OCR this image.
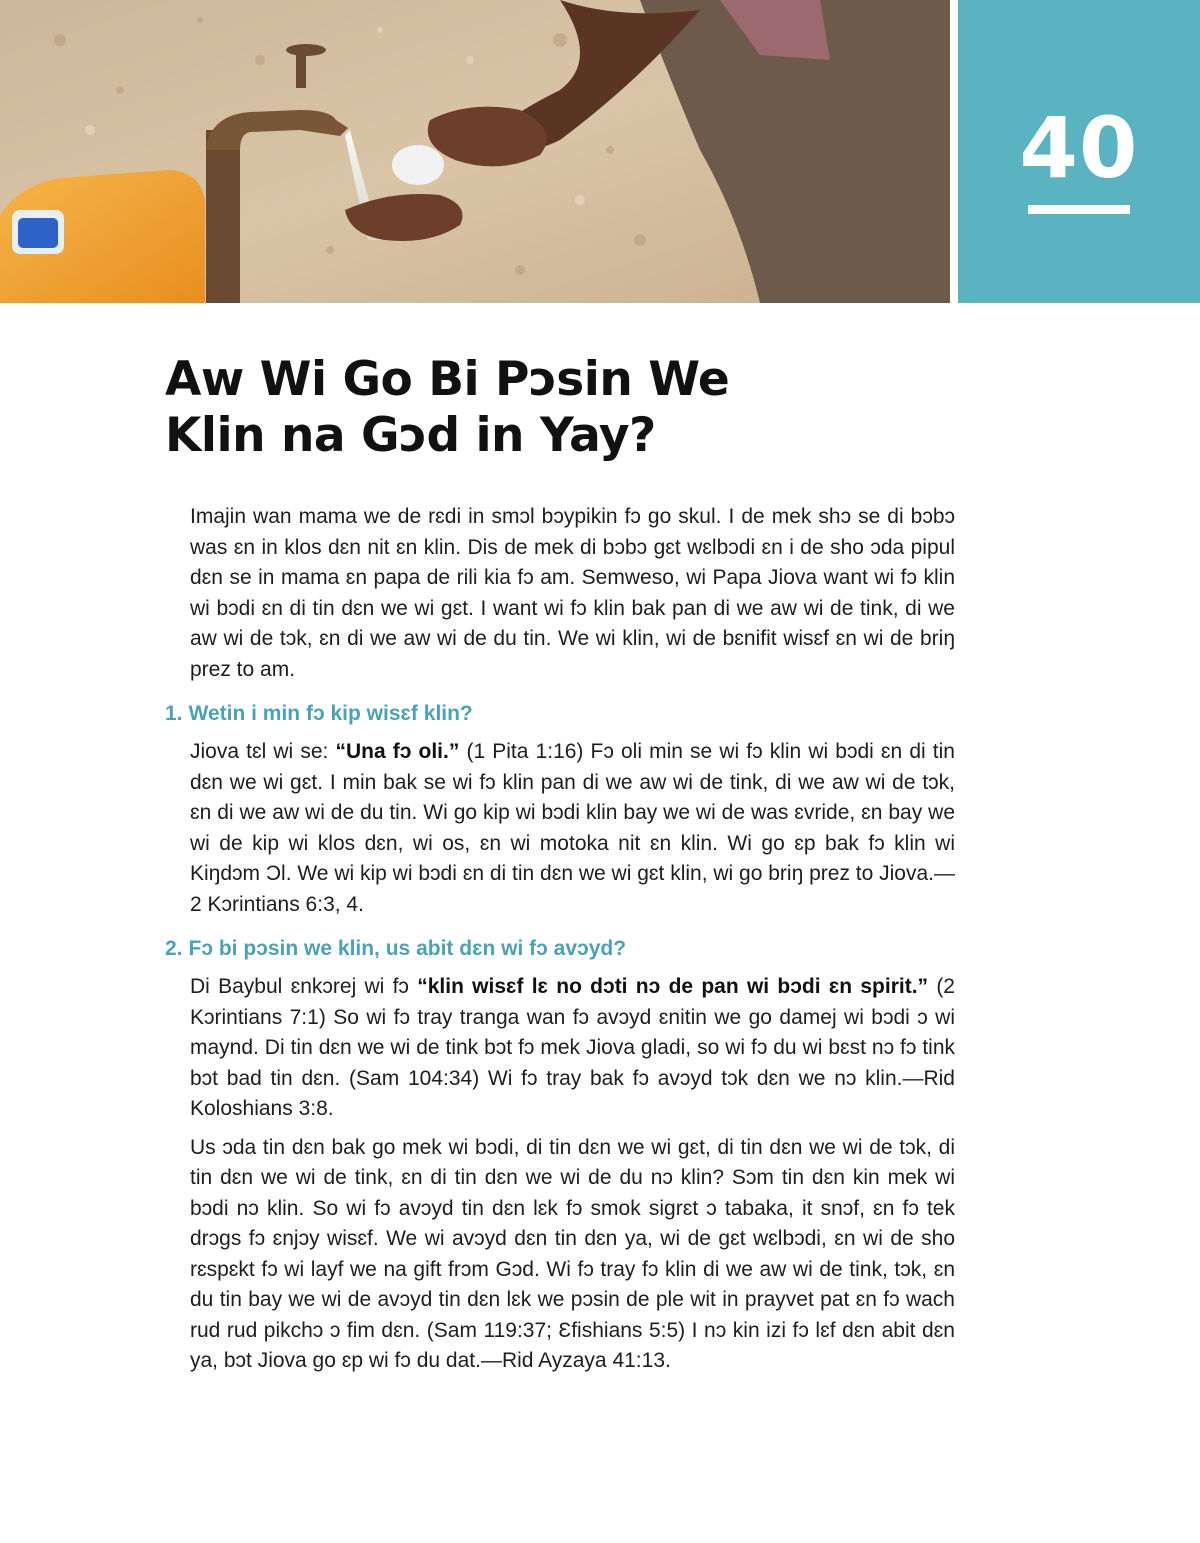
40
Aw Wi Go Bi Pɔsin We
Klin na Gɔd in Yay?

Imajin wan mama we de rɛdi in smɔl bɔypikin fɔ go skul. I de mek shɔ se di bɔbɔ was ɛn in klos dɛn nit ɛn klin. Dis de mek di bɔbɔ gɛt wɛlbɔdi ɛn i de sho ɔda pipul dɛn se in mama ɛn papa de rili kia fɔ am. Semweso, wi Papa Jiova want wi fɔ klin wi bɔdi ɛn di tin dɛn we wi gɛt. I want wi fɔ klin bak pan di we aw wi de tink, di we aw wi de tɔk, ɛn di we aw wi de du tin. We wi klin, wi de bɛnifit wisɛf ɛn wi de briŋ prez to am.

1. Wetin i min fɔ kip wisɛf klin?

Jiova tɛl wi se: “Una fɔ oli.” (1 Pita 1:16) Fɔ oli min se wi fɔ klin wi bɔdi ɛn di tin dɛn we wi gɛt. I min bak se wi fɔ klin pan di we aw wi de tink, di we aw wi de tɔk, ɛn di we aw wi de du tin. Wi go kip wi bɔdi klin bay we wi de was ɛvride, ɛn bay we wi de kip wi klos dɛn, wi os, ɛn wi motoka nit ɛn klin. Wi go ɛp bak fɔ klin wi Kiŋdɔm Ɔl. We wi kip wi bɔdi ɛn di tin dɛn we wi gɛt klin, wi go briŋ prez to Jiova.—2 Kɔrintians 6:3, 4.

2. Fɔ bi pɔsin we klin, us abit dɛn wi fɔ avɔyd?

Di Baybul ɛnkɔrej wi fɔ “klin wisɛf lɛ no dɔti nɔ de pan wi bɔdi ɛn spirit.” (2 Kɔrintians 7:1) So wi fɔ tray tranga wan fɔ avɔyd ɛnitin we go damej wi bɔdi ɔ wi maynd. Di tin dɛn we wi de tink bɔt fɔ mek Jiova gladi, so wi fɔ du wi bɛst nɔ fɔ tink bɔt bad tin dɛn. (Sam 104:34) Wi fɔ tray bak fɔ avɔyd tɔk dɛn we nɔ klin.—Rid Koloshians 3:8.

Us ɔda tin dɛn bak go mek wi bɔdi, di tin dɛn we wi gɛt, di tin dɛn we wi de tɔk, di tin dɛn we wi de tink, ɛn di tin dɛn we wi de du nɔ klin? Sɔm tin dɛn kin mek wi bɔdi nɔ klin. So wi fɔ avɔyd tin dɛn lɛk fɔ smok sigrɛt ɔ tabaka, it snɔf, ɛn fɔ tek drɔgs fɔ ɛnjɔy wisɛf. We wi avɔyd dɛn tin dɛn ya, wi de gɛt wɛlbɔdi, ɛn wi de sho rɛspɛkt fɔ wi layf we na gift frɔm Gɔd. Wi fɔ tray fɔ klin di we aw wi de tink, tɔk, ɛn du tin bay we wi de avɔyd tin dɛn lɛk we pɔsin de ple wit in prayvet pat ɛn fɔ wach rud rud pikchɔ ɔ fim dɛn. (Sam 119:37; Ɛfishians 5:5) I nɔ kin izi fɔ lɛf dɛn abit dɛn ya, bɔt Jiova go ɛp wi fɔ du dat.—Rid Ayzaya 41:13.
